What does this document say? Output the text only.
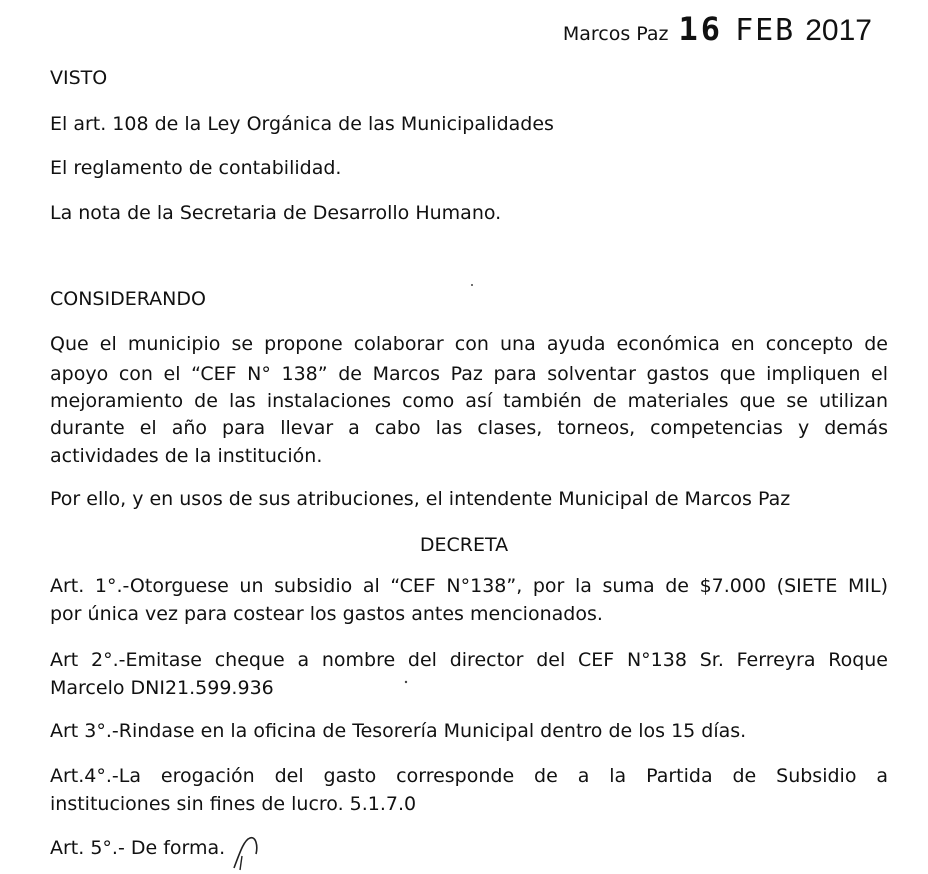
Marcos Paz 16 FEB 2017

VISTO

El art. 108 de la Ley Orgánica de las Municipalidades

El reglamento de contabilidad.

La nota de la Secretaria de Desarrollo Humano.

CONSIDERANDO

Que el municipio se propone colaborar con una ayuda económica en concepto de

apoyo con el “CEF N° 138” de Marcos Paz para solventar gastos que impliquen el

mejoramiento de las instalaciones como así también de materiales que se utilizan

durante el año para llevar a cabo las clases, torneos, competencias y demás

actividades de la institución.

Por ello, y en usos de sus atribuciones, el intendente Municipal de Marcos Paz

DECRETA

Art. 1°.-Otorguese un subsidio al “CEF N°138”, por la suma de $7.000 (SIETE MIL)

por única vez para costear los gastos antes mencionados.

Art 2°.-Emitase cheque a nombre del director del CEF N°138 Sr. Ferreyra Roque

Marcelo DNI21.599.936

Art 3°.-Rindase en la oficina de Tesorería Municipal dentro de los 15 días.

Art.4°.-La erogación del gasto corresponde de a la Partida de Subsidio a

instituciones sin fines de lucro. 5.1.7.0

Art. 5°.- De forma.
